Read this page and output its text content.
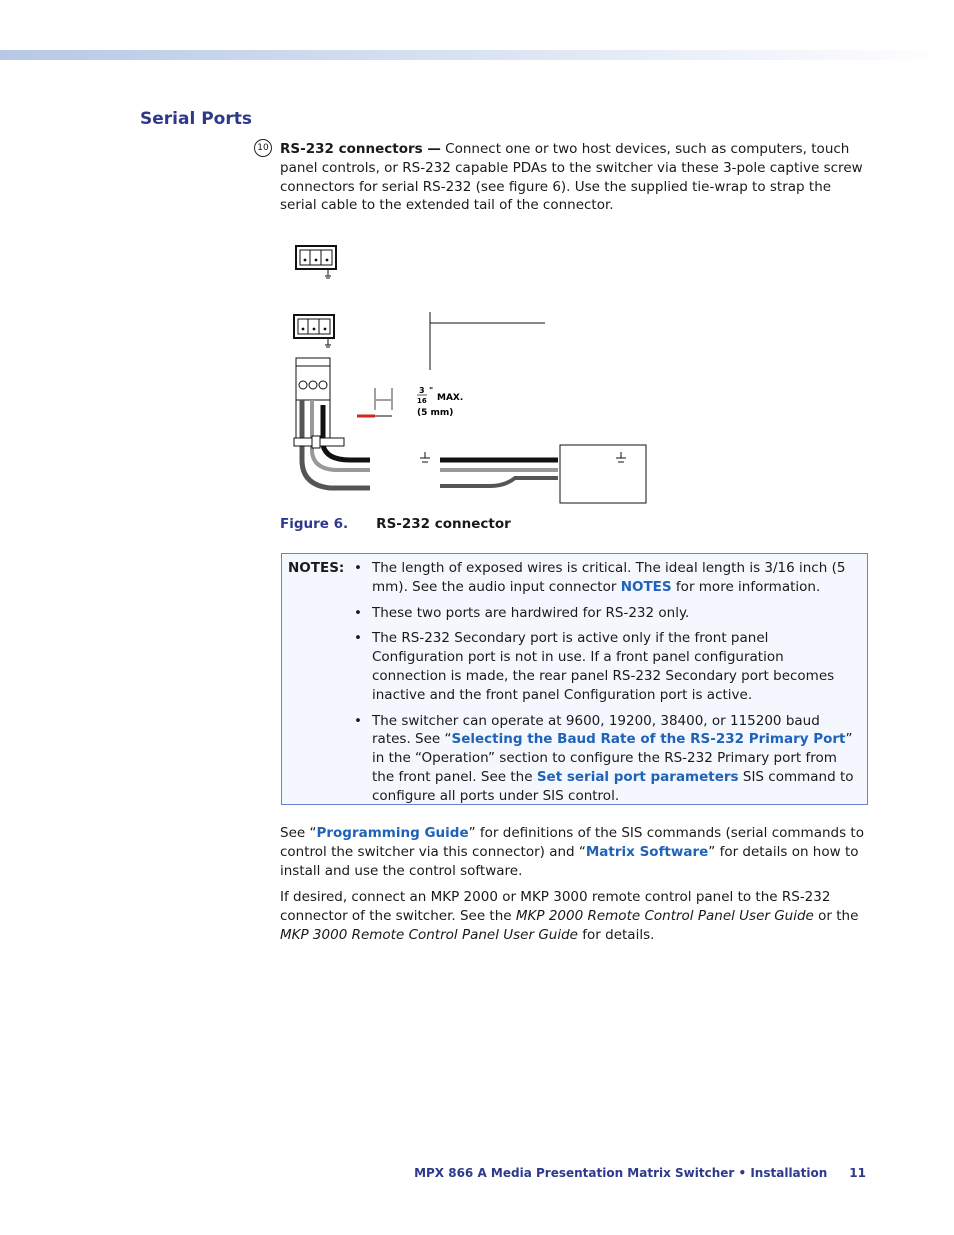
Serial Ports
10 RS-232 connectors — Connect one or two host devices, such as computers, touch panel controls, or RS-232 capable PDAs to the switcher via these 3-pole captive screw connectors for serial RS-232 (see figure 6). Use the supplied tie-wrap to strap the serial cable to the extended tail of the connector.

3
16
"
MAX.
(5 mm)
Figure 6. RS-232 connector
NOTES: • The length of exposed wires is critical. The ideal length is 3/16 inch (5 mm). See the audio input connector NOTES for more information.
• These two ports are hardwired for RS-232 only.
• The RS-232 Secondary port is active only if the front panel Configuration port is not in use. If a front panel configuration connection is made, the rear panel RS-232 Secondary port becomes inactive and the front panel Configuration port is active.
• The switcher can operate at 9600, 19200, 38400, or 115200 baud rates. See “Selecting the Baud Rate of the RS-232 Primary Port” in the “Operation” section to configure the RS-232 Primary port from the front panel. See the Set serial port parameters SIS command to configure all ports under SIS control.

See “Programming Guide” for definitions of the SIS commands (serial commands to control the switcher via this connector) and “Matrix Software” for details on how to install and use the control software.

If desired, connect an MKP 2000 or MKP 3000 remote control panel to the RS-232 connector of the switcher. See the MKP 2000 Remote Control Panel User Guide or the MKP 3000 Remote Control Panel User Guide for details.

MPX 866 A Media Presentation Matrix Switcher • Installation 11
